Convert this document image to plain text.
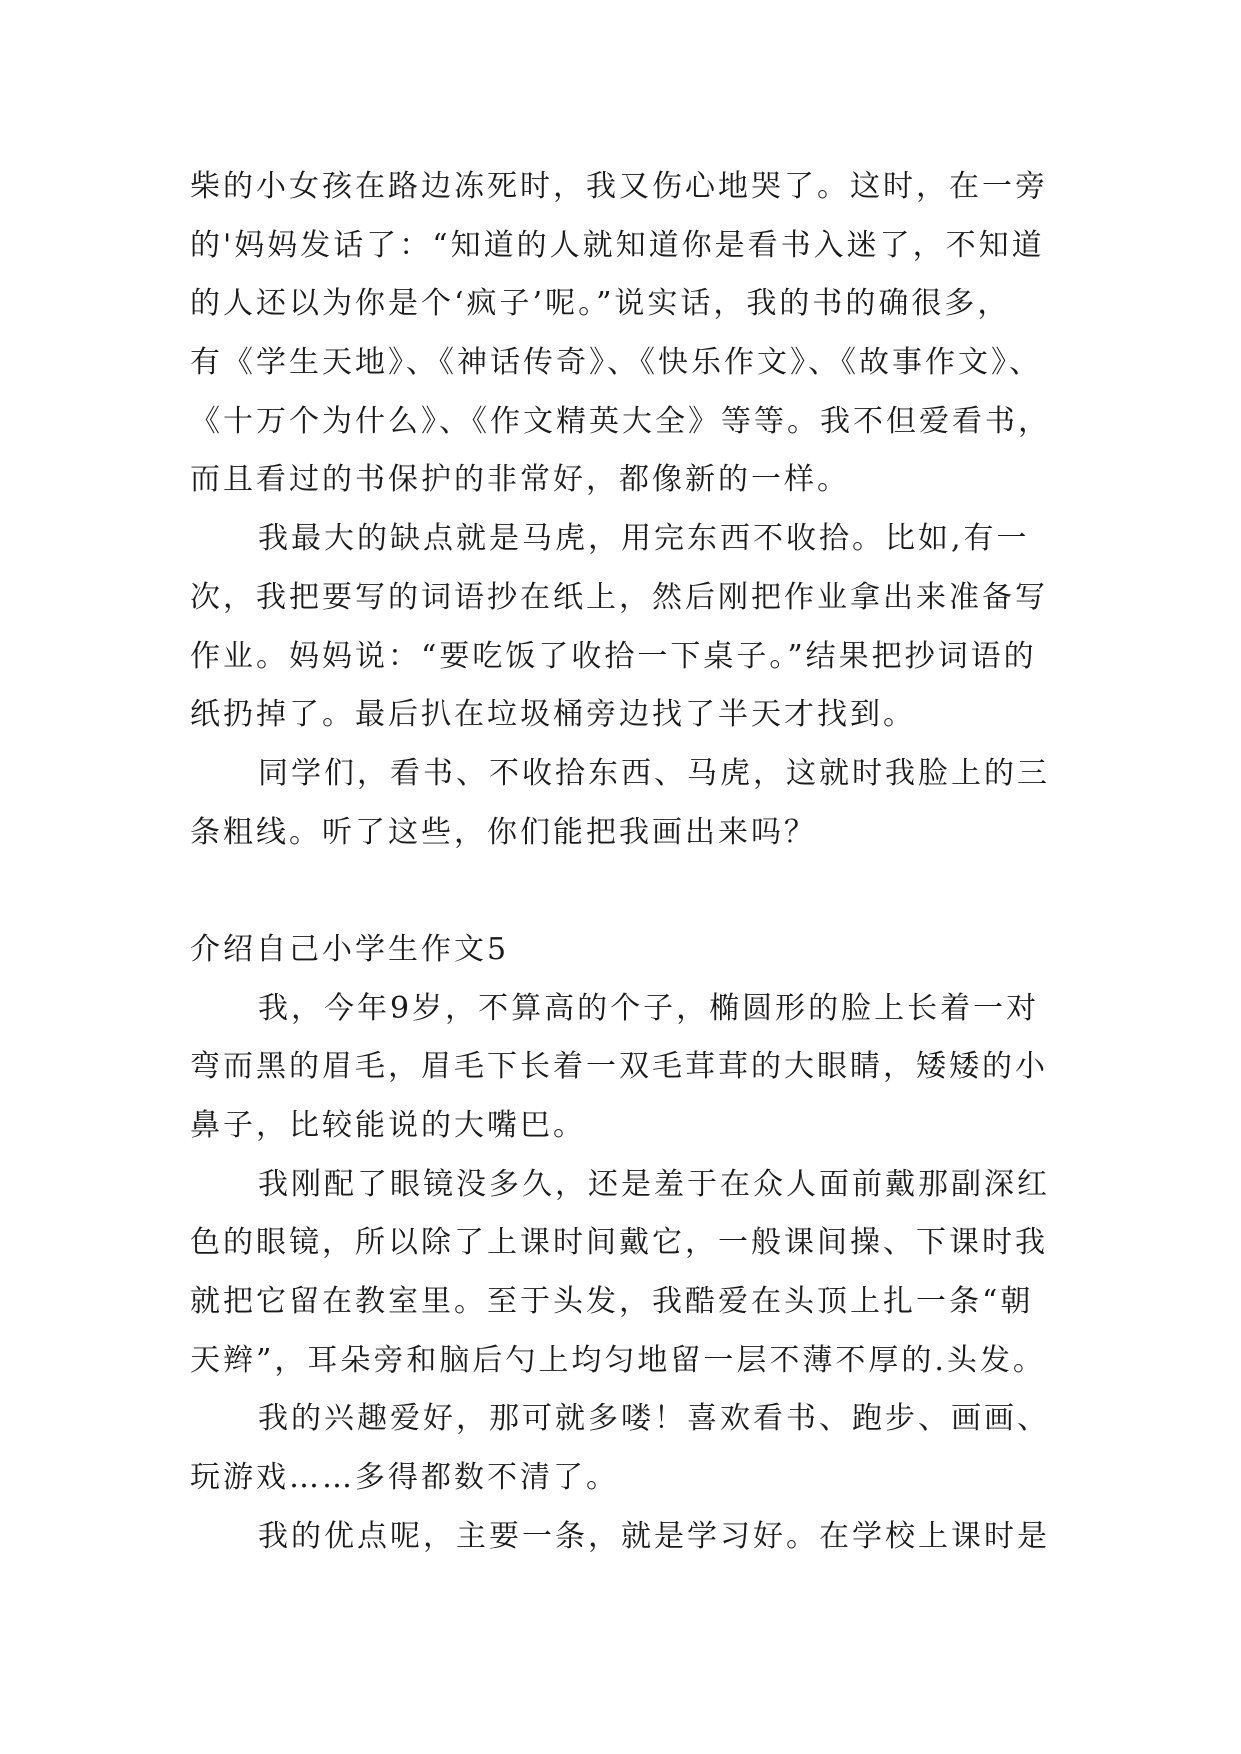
柴的小女孩在路边冻死时，我又伤心地哭了。这时，在一旁
的'妈妈发话了：“知道的人就知道你是看书入迷了，不知道
的人还以为你是个‘疯子’呢。”说实话，我的书的确很多，
有《学生天地》、《神话传奇》、《快乐作文》、《故事作文》、
《十万个为什么》、《作文精英大全》等等。我不但爱看书，
而且看过的书保护的非常好，都像新的一样。
我最大的缺点就是马虎，用完东西不收拾。比如,有一
次，我把要写的词语抄在纸上，然后刚把作业拿出来准备写
作业。妈妈说：“要吃饭了收拾一下桌子。”结果把抄词语的
纸扔掉了。最后扒在垃圾桶旁边找了半天才找到。
同学们，看书、不收拾东西、马虎，这就时我脸上的三
条粗线。听了这些，你们能把我画出来吗？
介绍自己小学生作文5
我，今年9岁，不算高的个子，椭圆形的脸上长着一对
弯而黑的眉毛，眉毛下长着一双毛茸茸的大眼睛，矮矮的小
鼻子，比较能说的大嘴巴。
我刚配了眼镜没多久，还是羞于在众人面前戴那副深红
色的眼镜，所以除了上课时间戴它，一般课间操、下课时我
就把它留在教室里。至于头发，我酷爱在头顶上扎一条“朝
天辫”，耳朵旁和脑后勺上均匀地留一层不薄不厚的.头发。
我的兴趣爱好，那可就多喽！喜欢看书、跑步、画画、
玩游戏……多得都数不清了。
我的优点呢，主要一条，就是学习好。在学校上课时是
